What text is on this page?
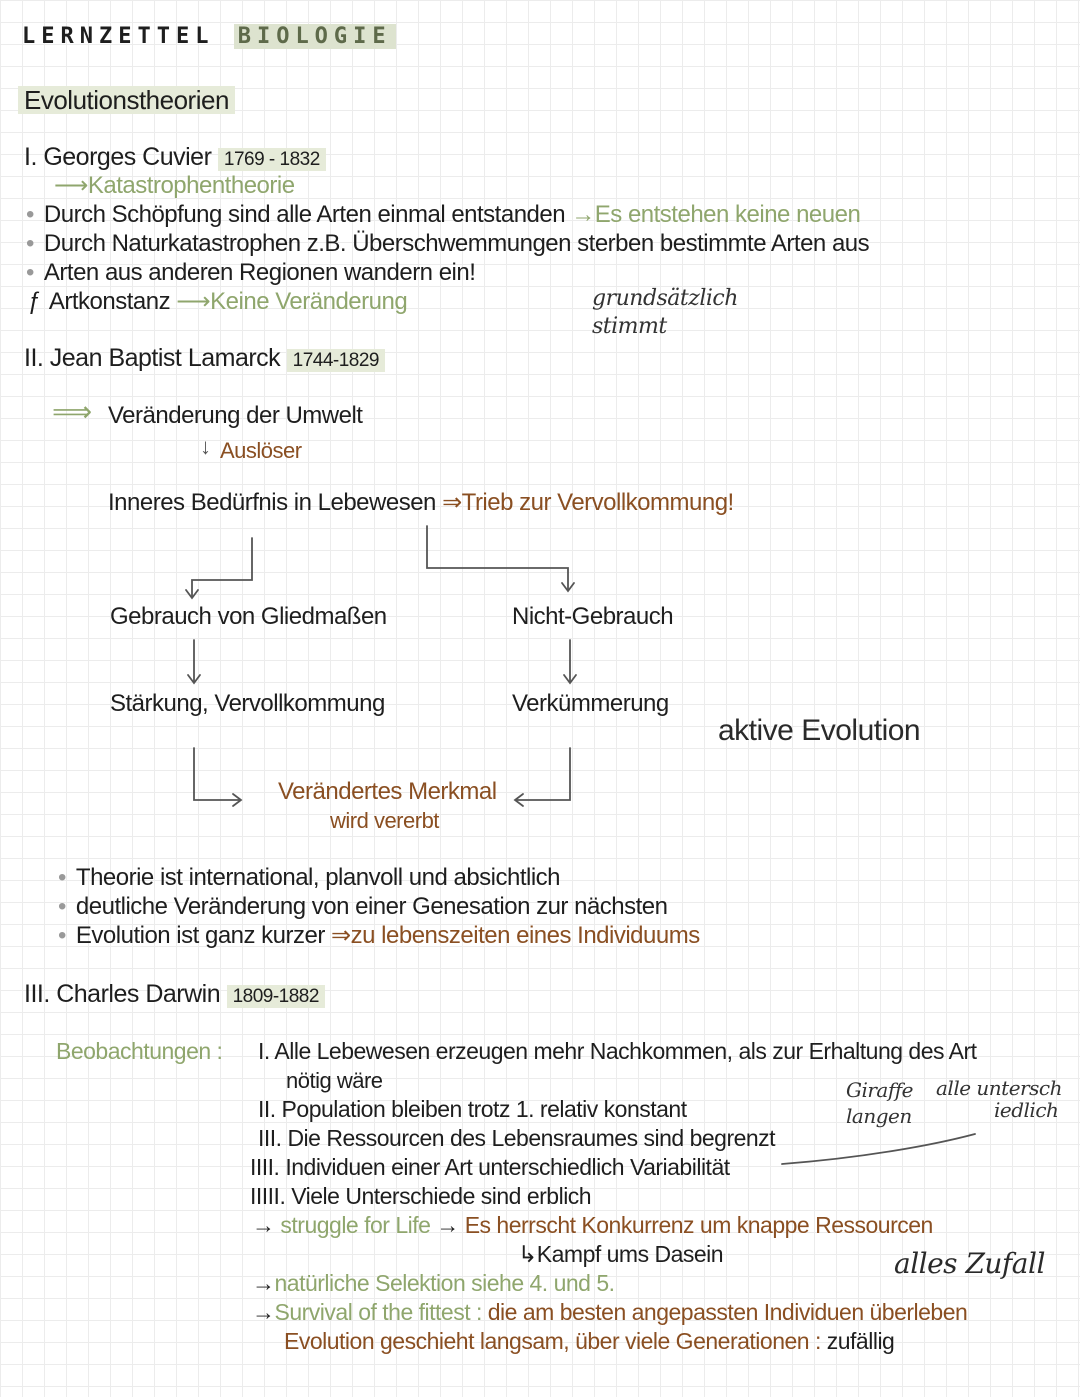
LERNZETTEL BIOLOGIE
Evolutionstheorien
I. Georges Cuvier 1769 - 1832
⟶Katastrophentheorie
• Durch Schöpfung sind alle Arten einmal entstanden →Es entstehen keine neuen
• Durch Naturkatastrophen z.B. Überschwemmungen sterben bestimmte Arten aus
• Arten aus anderen Regionen wandern ein!
ƒ Artkonstanz ⟶Keine Veränderung	grundsätzlich
stimmt
II. Jean Baptist Lamarck 1744-1829
⟹ Veränderung der Umwelt
↓ Auslöser
Inneres Bedürfnis in Lebewesen ⇒Trieb zur Vervollkommung!
Gebrauch von Gliedmaßen	Nicht-Gebrauch
Stärkung, Vervollkommung	Verkümmerung
aktive Evolution
Verändertes Merkmal
wird vererbt
• Theorie ist international, planvoll und absichtlich
• deutliche Veränderung von einer Genesation zur nächsten
• Evolution ist ganz kurzer ⇒zu lebenszeiten eines Individuums
III. Charles Darwin 1809-1882
Beobachtungen : I. Alle Lebewesen erzeugen mehr Nachkommen, als zur Erhaltung des Art
nötig wäre
II. Population bleiben trotz 1. relativ konstant
III. Die Ressourcen des Lebensraumes sind begrenzt
IIII. Individuen einer Art unterschiedlich Variabilität
IIIII. Viele Unterschiede sind erblich
Giraffe
langen
alle untersch
iedlich
→ struggle for Life → Es herrscht Konkurrenz um knappe Ressourcen
↳Kampf ums Dasein	alles Zufall
→natürliche Selektion siehe 4. und 5.
→Survival of the fittest : die am besten angepassten Individuen überleben
Evolution geschieht langsam, über viele Generationen : zufällig
